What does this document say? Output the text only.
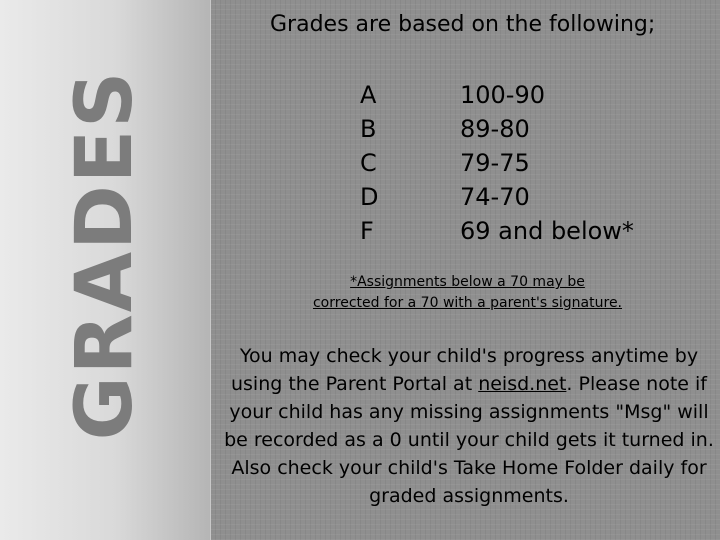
GRADES
Grades are based on the following;
A	100-90
B	89-80
C	79-75
D	74-70
F	69 and below*
*Assignments below a 70 may be
corrected for a 70 with a parent's signature.
You may check your child's progress anytime by using the Parent Portal at neisd.net. Please note if your child has any missing assignments "Msg" will be recorded as a 0 until your child gets it turned in. Also check your child's Take Home Folder daily for graded assignments.
